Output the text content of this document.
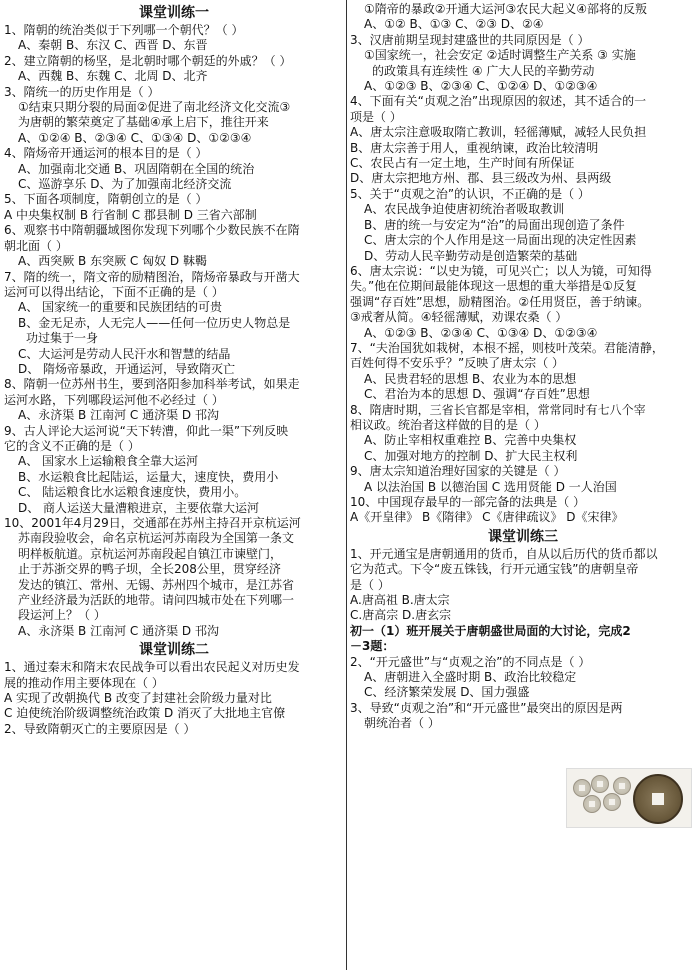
课堂训练一
1、隋朝的统治类似于下列哪一个朝代？（ ）
A、秦朝 B、东汉 C、西晋 D、东晋
2、建立隋朝的杨坚，是北朝时哪个朝廷的外戚？（ ）
A、西魏 B、东魏 C、北周 D、北齐
3、隋统一的历史作用是（ ）
①结束只期分裂的局面②促进了南北经济文化交流③
为唐朝的繁荣奠定了基础④承上启下，推往开来
A、①②④ B、②③④ C、①③④ D、①②③④
4、隋炀帝开通运河的根本目的是（ ）
A、加强南北交通 B、巩固隋朝在全国的统治
C、巡游享乐 D、为了加强南北经济交流
5、下面各项制度，隋朝创立的是（ ）
A 中央集权制 B 行省制 C 郡县制 D 三省六部制
6、观察书中隋朝疆域图你发现下列哪个少数民族不在隋
朝北面（ ）
A、西突厥 B 东突厥 C 匈奴 D 靺鞨
7、隋的统一，隋文帝的励精图治，隋炀帝暴政与开凿大
运河可以得出结论，下面不正确的是（ ）
A、 国家统一的重要和民族团结的可贵
B、金无足赤，人无完人——任何一位历史人物总是
功过集于一身
C、大运河是劳动人民汗水和智慧的结晶
D、 隋炀帝暴政，开通运河，导致隋灭亡
8、隋朝一位苏州书生，要到洛阳参加科举考试，如果走
运河水路，下列哪段运河他不必经过（ ）
A、永济渠 B 江南河 C 通济渠 D 邗沟
9、古人评论大运河说“天下转漕，仰此一渠”下列反映
它的含义不正确的是（ ）
A、 国家水上运输粮食全靠大运河
B、水运粮食比起陆运，运量大，速度快，费用小
C、 陆运粮食比水运粮食速度快，费用小。
D、 商人运送大量漕粮进京，主要依靠大运河
10、2001年4月29日，交通部在苏州主持召开京杭运河
苏南段验收会，命名京杭运河苏南段为全国第一条文
明样板航道。京杭运河苏南段起自镇江市谏壁门，
止于苏浙交界的鸭子坝，全长208公里，贯穿经济
发达的镇江、常州、无锡、苏州四个城市，是江苏省
产业经济最为活跃的地带。请问四城市处在下列哪一
段运河上？（ ）
A、永济渠 B 江南河 C 通济渠 D 邗沟
课堂训练二
1、通过秦末和隋末农民战争可以看出农民起义对历史发
展的推动作用主要体现在（ ）
A 实现了改朝换代 B 改变了封建社会阶级力量对比
C 迫使统治阶级调整统治政策 D 消灭了大批地主官僚
2、导致隋朝灭亡的主要原因是（ ）
①隋帝的暴政②开通大运河③农民大起义④部将的反叛
A、①② B、①③ C、②③ D、②④
3、汉唐前期呈现封建盛世的共同原因是（ ）
①国家统一，社会安定 ②适时调整生产关系 ③ 实施
的政策具有连续性 ④ 广大人民的辛勤劳动
A、①②③ B、②③④ C、①②④ D、①②③④
4、下面有关“贞观之治”出现原因的叙述，其不适合的一
项是（ ）
A、唐太宗注意吸取隋亡教训，轻徭薄赋，减轻人民负担
B、唐太宗善于用人，重视纳谏，政治比较清明
C、农民占有一定土地，生产时间有所保证
D、唐太宗把地方州、郡、县三级改为州、县两级
5、关于“贞观之治”的认识，不正确的是（ ）
A、农民战争迫使唐初统治者吸取教训
B、唐的统一与安定为“治”的局面出现创造了条件
C、唐太宗的个人作用是这一局面出现的决定性因素
D、劳动人民辛勤劳动是创造繁荣的基础
6、唐太宗说：“以史为镜，可见兴亡；以人为镜，可知得
失。”他在位期间最能体现这一思想的重大举措是①反复
强调“存百姓”思想，励精图治。②任用贤臣，善于纳谏。
③戒奢从简。④轻徭薄赋，劝课农桑（ ）
A、①②③ B、②③④ C、①③④ D、①②③④
7、“夫治国犹如栽树，本根不摇，则枝叶茂荣。君能清静，
百姓何得不安乐乎？”反映了唐太宗（ ）
A、民贵君轻的思想 B、农业为本的思想
C、君治为本的思想 D、强调“存百姓”思想
8、隋唐时期，三省长官都是宰相，常常同时有七八个宰
相议政。统治者这样做的目的是（ ）
A、防止宰相权重难控 B、完善中央集权
C、加强对地方的控制 D、扩大民主权利
9、唐太宗知道治理好国家的关键是（ ）
A 以法治国 B 以德治国 C 选用贤能 D 一人治国
10、中国现存最早的一部完备的法典是（ ）
A《开皇律》 B《隋律》 C《唐律疏议》 D《宋律》
课堂训练三
1、开元通宝是唐朝通用的货币，自从以后历代的货币都以
它为范式。下令“废五铢钱，行开元通宝钱”的唐朝皇帝
是（ ）
A.唐高祖 B.唐太宗
C.唐高宗 D.唐玄宗
初一（1）班开展关于唐朝盛世局面的大讨论，完成2
－3题：
2、“开元盛世”与“贞观之治”的不同点是（ ）
A、唐朝进入全盛时期 B、政治比较稳定
C、经济繁荣发展 D、国力强盛
3、导致“贞观之治”和“开元盛世”最突出的原因是两
朝统治者（ ）
